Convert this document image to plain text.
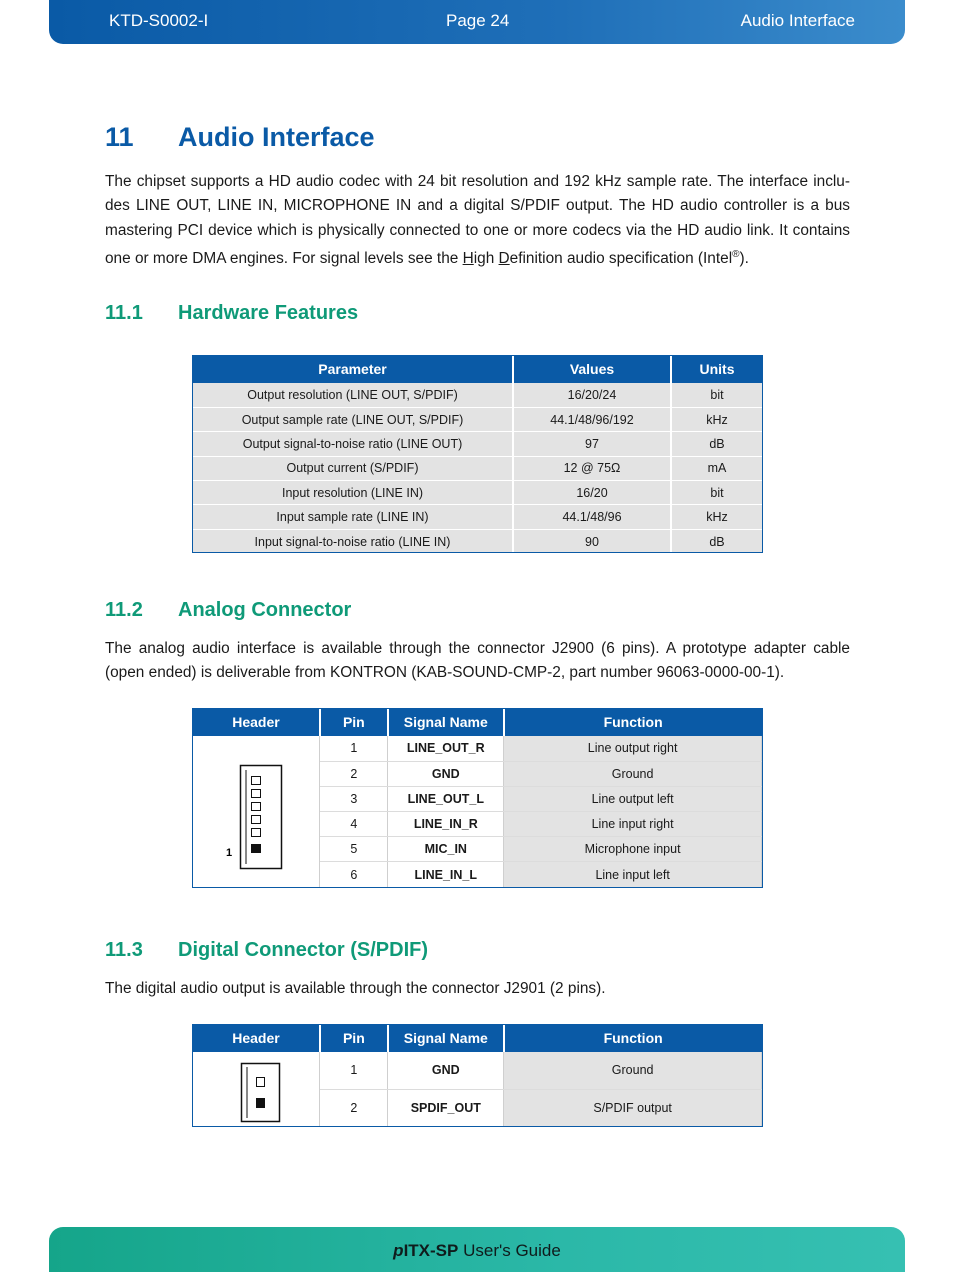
KTD-S0002-I	Page 24	Audio Interface
11 Audio Interface

The chipset supports a HD audio codec with 24 bit resolution and 192 kHz sample rate. The interface inclu-des LINE OUT, LINE IN, MICROPHONE IN and a digital S/PDIF output. The HD audio controller is a bus mastering PCI device which is physically connected to one or more codecs via the HD audio link. It contains one or more DMA engines. For signal levels see the High Definition audio specification (Intel®).

11.1 Hardware Features
Parameter	Values	Units
Output resolution (LINE OUT, S/PDIF)	16/20/24	bit
Output sample rate (LINE OUT, S/PDIF)	44.1/48/96/192	kHz
Output signal-to-noise ratio (LINE OUT)	97	dB
Output current (S/PDIF)	12 @ 75Ω	mA
Input resolution (LINE IN)	16/20	bit
Input sample rate (LINE IN)	44.1/48/96	kHz
Input signal-to-noise ratio (LINE IN)	90	dB
11.2 Analog Connector

The analog audio interface is available through the connector J2900 (6 pins). A prototype adapter cable (open ended) is deliverable from KONTRON (KAB-SOUND-CMP-2, part number 96063-0000-00-1).

Header	Pin	Signal Name	Function
	1	LINE_OUT_R	Line output right
	2	GND	Ground
	3	LINE_OUT_L	Line output left
	4	LINE_IN_R	Line input right
	5	MIC_IN	Microphone input
	6	LINE_IN_L	Line input left
1
11.3 Digital Connector (S/PDIF)

The digital audio output is available through the connector J2901 (2 pins).

Header	Pin	Signal Name	Function
	1	GND	Ground
	2	SPDIF_OUT	S/PDIF output
pITX-SP User's Guide
